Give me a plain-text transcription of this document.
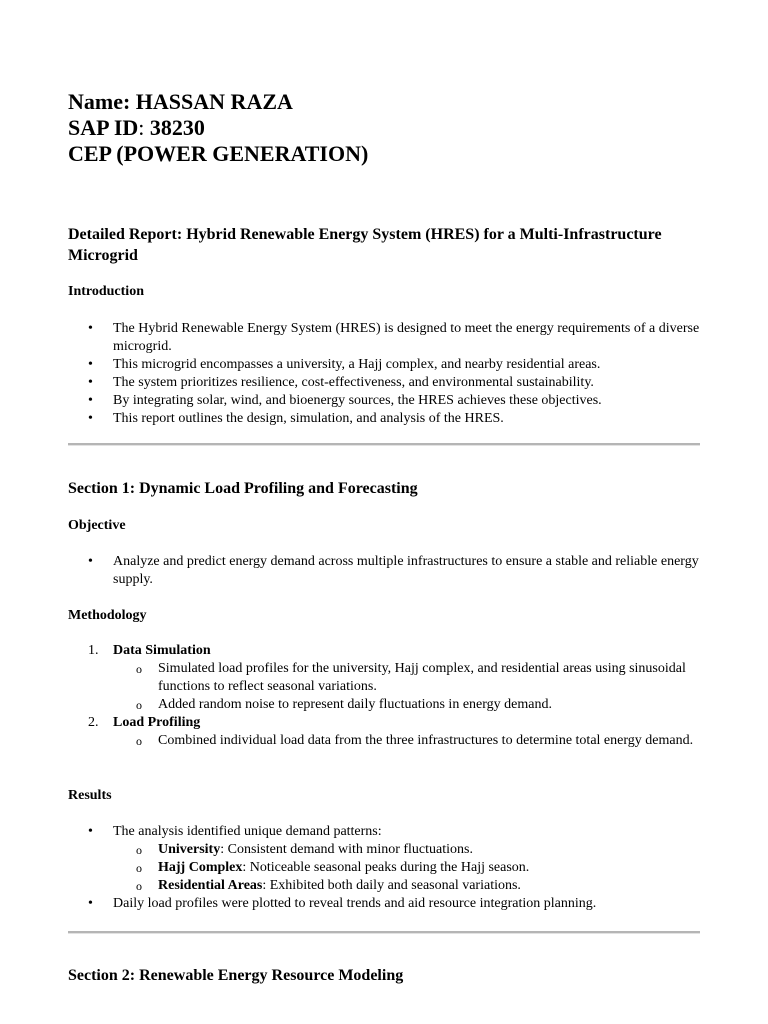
Name: HASSAN RAZA
SAP ID: 38230
CEP (POWER GENERATION)
Detailed Report: Hybrid Renewable Energy System (HRES) for a Multi-Infrastructure Microgrid
Introduction
• The Hybrid Renewable Energy System (HRES) is designed to meet the energy requirements of a diverse microgrid.
• This microgrid encompasses a university, a Hajj complex, and nearby residential areas.
• The system prioritizes resilience, cost-effectiveness, and environmental sustainability.
• By integrating solar, wind, and bioenergy sources, the HRES achieves these objectives.
• This report outlines the design, simulation, and analysis of the HRES.
Section 1: Dynamic Load Profiling and Forecasting
Objective
• Analyze and predict energy demand across multiple infrastructures to ensure a stable and reliable energy supply.
Methodology
1. Data Simulation
o Simulated load profiles for the university, Hajj complex, and residential areas using sinusoidal functions to reflect seasonal variations.
o Added random noise to represent daily fluctuations in energy demand.
2. Load Profiling
o Combined individual load data from the three infrastructures to determine total energy demand.
Results
• The analysis identified unique demand patterns:
o University: Consistent demand with minor fluctuations.
o Hajj Complex: Noticeable seasonal peaks during the Hajj season.
o Residential Areas: Exhibited both daily and seasonal variations.
• Daily load profiles were plotted to reveal trends and aid resource integration planning.
Section 2: Renewable Energy Resource Modeling
